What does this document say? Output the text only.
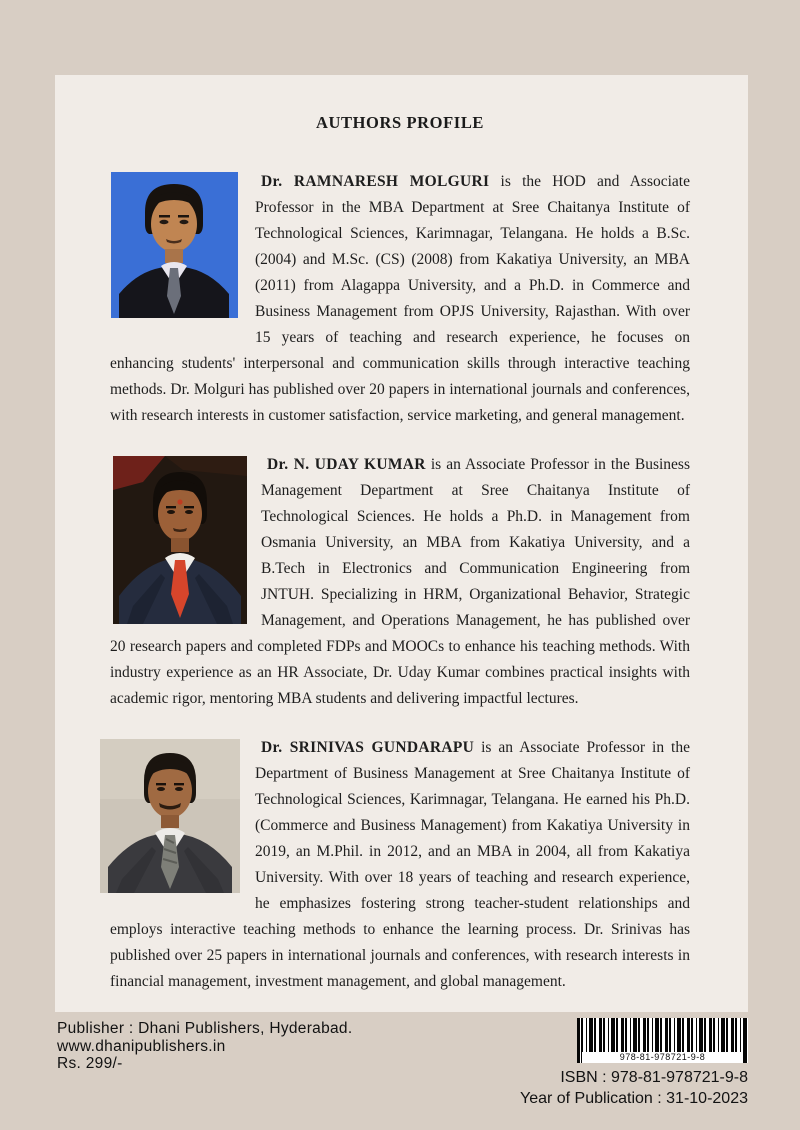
AUTHORS PROFILE

Dr. RAMNARESH MOLGURI is the HOD and Associate Professor in the MBA Department at Sree Chaitanya Institute of Technological Sciences, Karimnagar, Telangana. He holds a B.Sc. (2004) and M.Sc. (CS) (2008) from Kakatiya University, an MBA (2011) from Alagappa University, and a Ph.D. in Commerce and Business Management from OPJS University, Rajasthan. With over 15 years of teaching and research experience, he focuses on enhancing students' interpersonal and communication skills through interactive teaching methods. Dr. Molguri has published over 20 papers in international journals and conferences, with research interests in customer satisfaction, service marketing, and general management.

Dr. N. UDAY KUMAR is an Associate Professor in the Business Management Department at Sree Chaitanya Institute of Technological Sciences. He holds a Ph.D. in Management from Osmania University, an MBA from Kakatiya University, and a B.Tech in Electronics and Communication Engineering from JNTUH. Specializing in HRM, Organizational Behavior, Strategic Management, and Operations Management, he has published over 20 research papers and completed FDPs and MOOCs to enhance his teaching methods. With industry experience as an HR Associate, Dr. Uday Kumar combines practical insights with academic rigor, mentoring MBA students and delivering impactful lectures.

Dr. SRINIVAS GUNDARAPU is an Associate Professor in the Department of Business Management at Sree Chaitanya Institute of Technological Sciences, Karimnagar, Telangana. He earned his Ph.D. (Commerce and Business Management) from Kakatiya University in 2019, an M.Phil. in 2012, and an MBA in 2004, all from Kakatiya University. With over 18 years of teaching and research experience, he emphasizes fostering strong teacher-student relationships and employs interactive teaching methods to enhance the learning process. Dr. Srinivas has published over 25 papers in international journals and conferences, with research interests in financial management, investment management, and global management.

Publisher : Dhani Publishers, Hyderabad.
www.dhanipublishers.in
Rs. 299/-	978-81-978721-9-8
ISBN : 978-81-978721-9-8
Year of Publication : 31-10-2023
